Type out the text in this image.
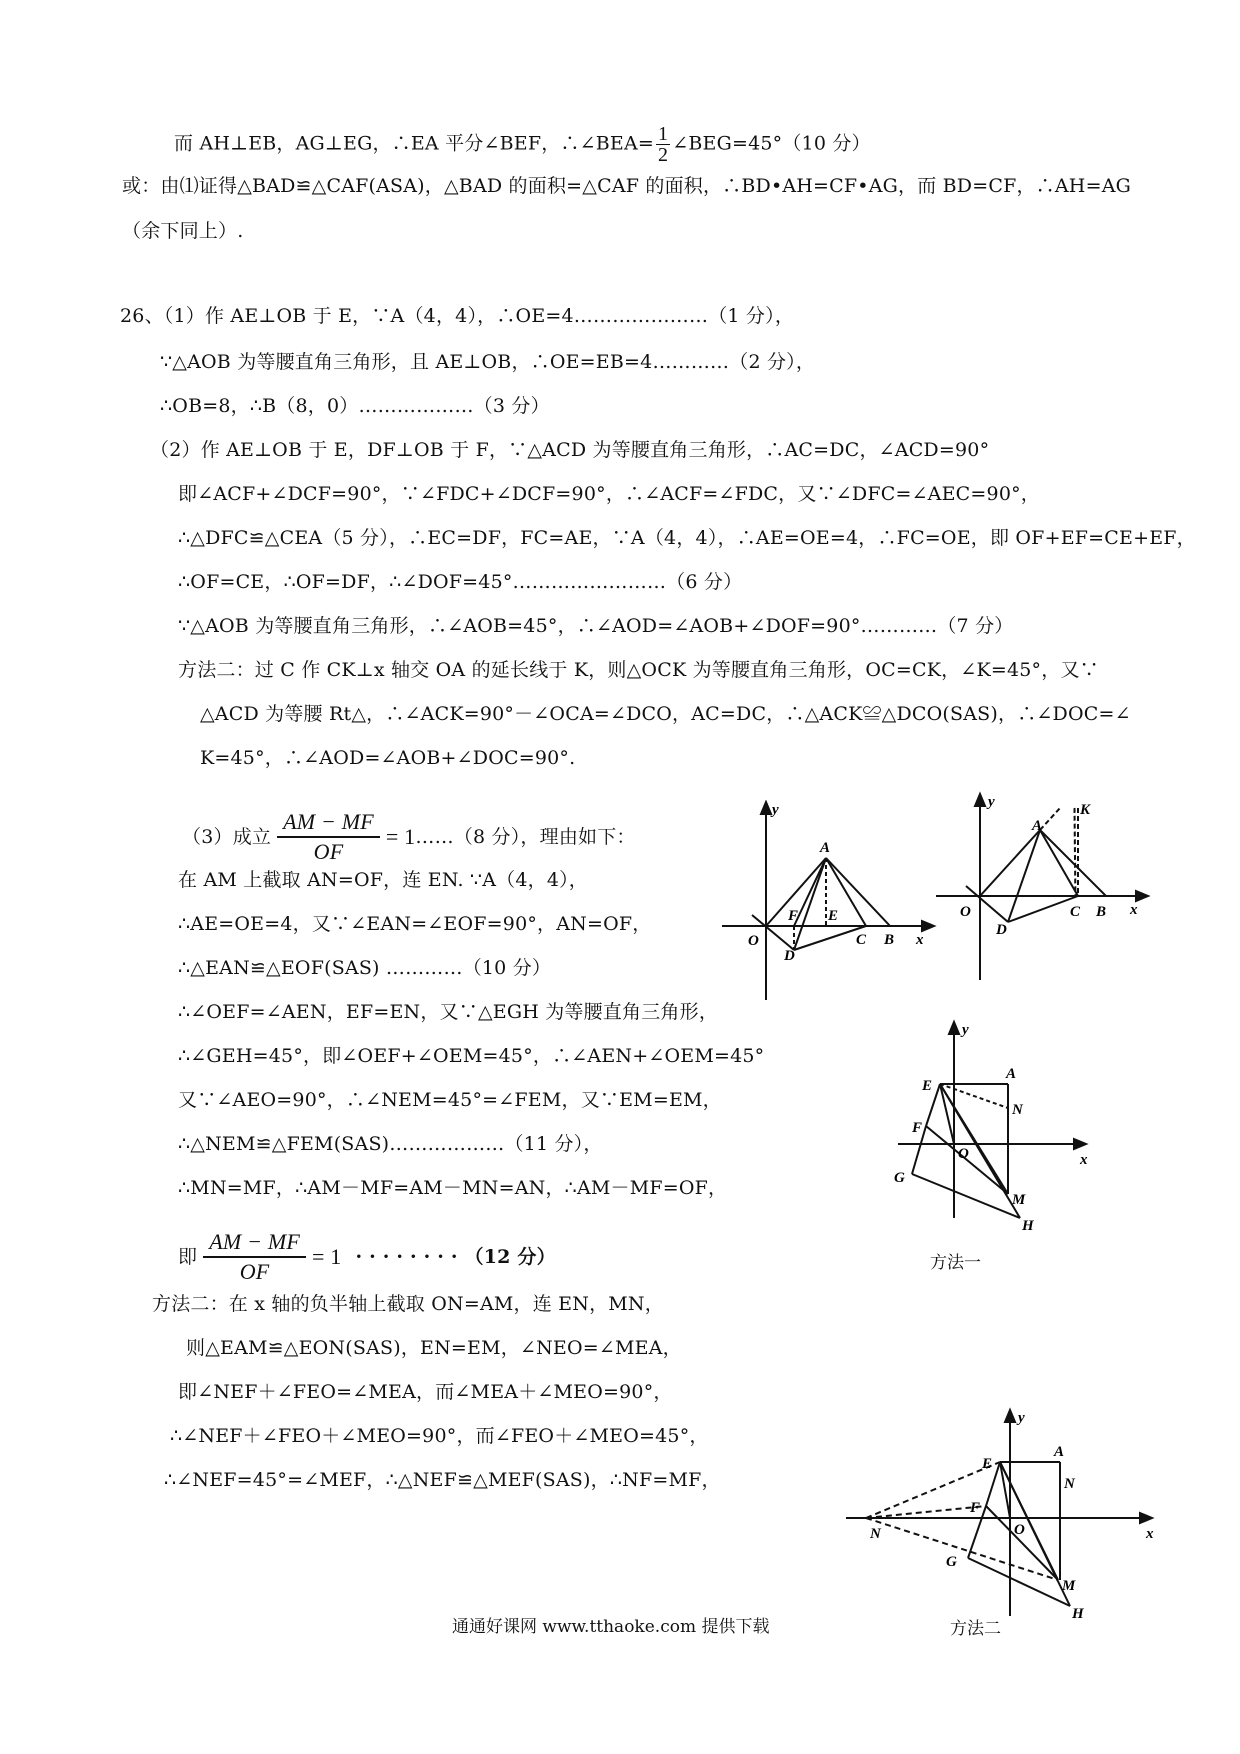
而 AH⊥EB，AG⊥EG，∴EA 平分∠BEF，∴∠BEA= $\frac{1}{2}$ ∠BEG=45°（10 分）
或：由⑴证得△BAD≌△CAF(ASA)，△BAD 的面积=△CAF 的面积，∴BD•AH=CF•AG，而 BD=CF，∴AH=AG
（余下同上）.
26、（1）作 AE⊥OB 于 E，∵A（4，4），∴OE=4…………………（1 分），
∵△AOB 为等腰直角三角形，且 AE⊥OB，∴OE=EB=4…………（2 分），
∴OB=8，∴B（8，0）………………（3 分）
（2）作 AE⊥OB 于 E，DF⊥OB 于 F，∵△ACD 为等腰直角三角形，∴AC=DC，∠ACD=90°
即∠ACF+∠DCF=90°，∵∠FDC+∠DCF=90°，∴∠ACF=∠FDC，又∵∠DFC=∠AEC=90°，
∴△DFC≌△CEA（5 分），∴EC=DF，FC=AE，∵A（4，4），∴AE=OE=4，∴FC=OE，即 OF+EF=CE+EF，
∴OF=CE，∴OF=DF，∴∠DOF=45°……………………（6 分）
∵△AOB 为等腰直角三角形，∴∠AOB=45°，∴∠AOD=∠AOB+∠DOF=90°…………（7 分）
方法二：过 C 作 CK⊥x 轴交 OA 的延长线于 K，则△OCK 为等腰直角三角形，OC=CK，∠K=45°，又∵
△ACD 为等腰 Rt△，∴∠ACK=90°－∠OCA=∠DCO，AC=DC，∴△ACK≌△DCO(SAS)，∴∠DOC=∠
K=45°，∴∠AOD=∠AOB+∠DOC=90°.
（3）成立 $\frac{AM - MF}{OF}$ = 1……（8 分），理由如下：
在 AM 上截取 AN=OF，连 EN. ∵A（4，4），
∴AE=OE=4，又∵∠EAN=∠EOF=90°，AN=OF，
∴△EAN≌△EOF(SAS) …………（10 分）
∴∠OEF=∠AEN，EF=EN，又∵△EGH 为等腰直角三角形，
∴∠GEH=45°，即∠OEF+∠OEM=45°，∴∠AEN+∠OEM=45°
又∵∠AEO=90°，∴∠NEM=45°=∠FEM，又∵EM=EM，
∴△NEM≌△FEM(SAS)………………（11 分），
∴MN=MF，∴AM－MF=AM－MN=AN，∴AM－MF=OF，
即 $\frac{AM - MF}{OF} = 1$ · · · · · · · · （12 分）
方法二：在 x 轴的负半轴上截取 ON=AM，连 EN，MN，
则△EAM≌△EON(SAS)，EN=EM，∠NEO=∠MEA，
即∠NEF＋∠FEO=∠MEA，而∠MEA＋∠MEO=90°，
∴∠NEF＋∠FEO＋∠MEO=90°，而∠FEO＋∠MEO=45°，
∴∠NEF=45°=∠MEF，∴△NEF≌△MEF(SAS)，∴NF=MF，
O
D
F E
C B
A
x
y
O
D
C B
A
K
x
y
E
A
N
F
O
G
M
H
x
y
方法一
E
A
N
F
O
N
G
M
H
x
y
方法二
通通好课网 www.tthaoke.com 提供下载
